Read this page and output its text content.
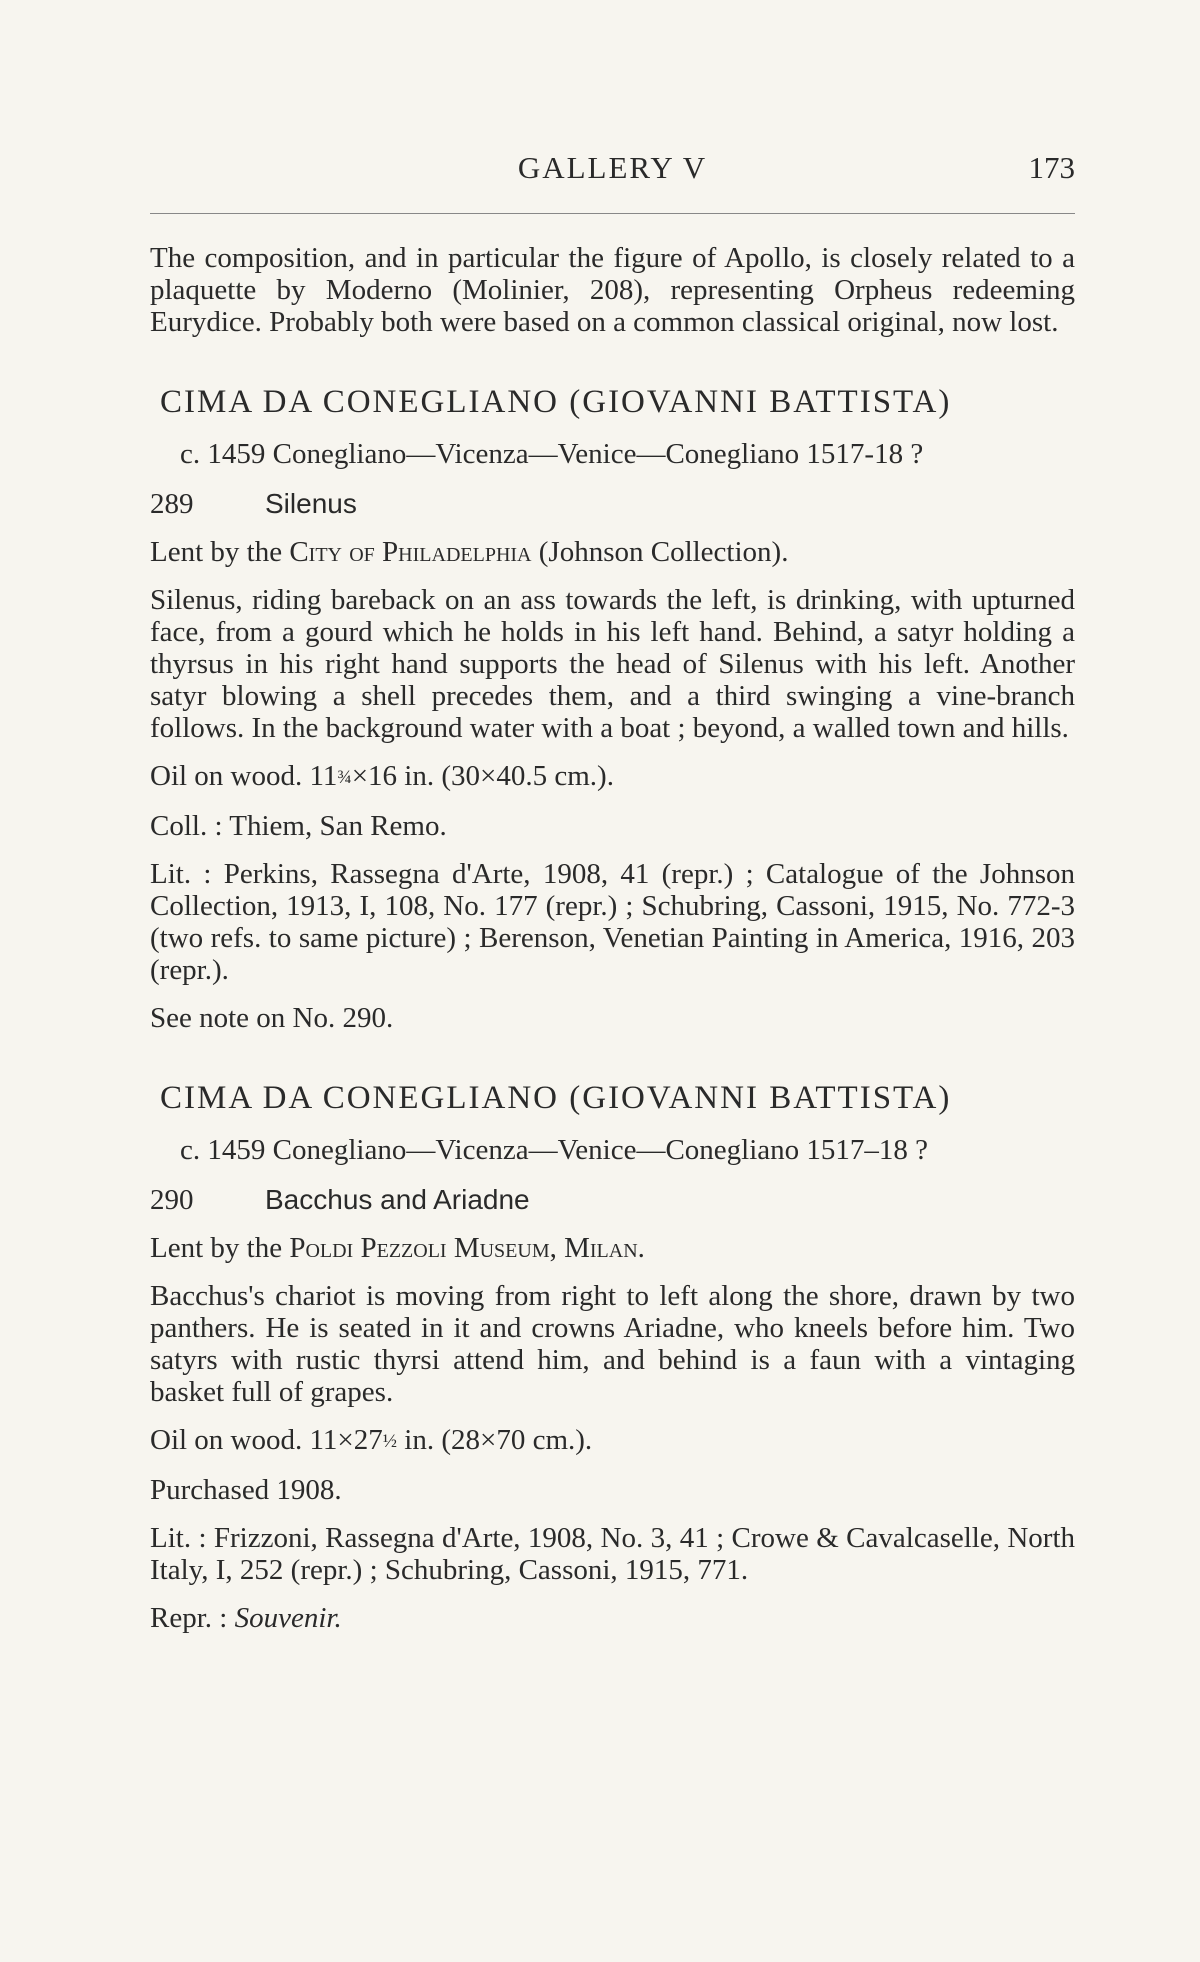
GALLERY V	173

The composition, and in particular the figure of Apollo, is closely related to a plaquette by Moderno (Molinier, 208), representing Orpheus redeeming Eurydice. Probably both were based on a common classical original, now lost.

CIMA DA CONEGLIANO (GIOVANNI BATTISTA)

c. 1459 Conegliano—Vicenza—Venice—Conegliano 1517-18 ?

289	Silenus

Lent by the City of Philadelphia (Johnson Collection).

Silenus, riding bareback on an ass towards the left, is drinking, with upturned face, from a gourd which he holds in his left hand. Behind, a satyr holding a thyrsus in his right hand supports the head of Silenus with his left. Another satyr blowing a shell precedes them, and a third swinging a vine-branch follows. In the background water with a boat ; beyond, a walled town and hills.

Oil on wood. 11¾×16 in. (30×40.5 cm.).

Coll. : Thiem, San Remo.

Lit. : Perkins, Rassegna d'Arte, 1908, 41 (repr.) ; Catalogue of the Johnson Collection, 1913, I, 108, No. 177 (repr.) ; Schubring, Cassoni, 1915, No. 772-3 (two refs. to same picture) ; Berenson, Venetian Painting in America, 1916, 203 (repr.).

See note on No. 290.

CIMA DA CONEGLIANO (GIOVANNI BATTISTA)

c. 1459 Conegliano—Vicenza—Venice—Conegliano 1517–18 ?

290	Bacchus and Ariadne

Lent by the Poldi Pezzoli Museum, Milan.

Bacchus's chariot is moving from right to left along the shore, drawn by two panthers. He is seated in it and crowns Ariadne, who kneels before him. Two satyrs with rustic thyrsi attend him, and behind is a faun with a vintaging basket full of grapes.

Oil on wood. 11×27½ in. (28×70 cm.).

Purchased 1908.

Lit. : Frizzoni, Rassegna d'Arte, 1908, No. 3, 41 ; Crowe & Cavalcaselle, North Italy, I, 252 (repr.) ; Schubring, Cassoni, 1915, 771.

Repr. : Souvenir.
